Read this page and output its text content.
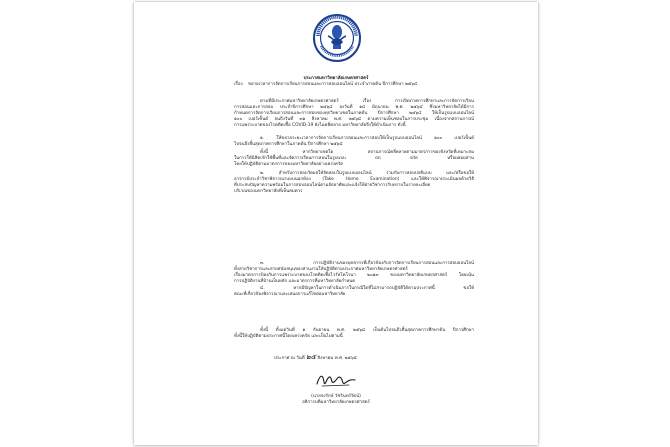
ประกาศมหาวิทยาลัยเกษตรศาสตร์
เรื่อง ขยายเวลาการจัดการเรียนการสอนและการสอบออนไลน์ ประจำภาคต้น ปีการศึกษา ๒๕๖๔
ตามที่มีประกาศมหาวิทยาลัยเกษตรศาสตร์ เรื่อง การเปิดภาคการศึกษาและการจัดการเรียน
การสอนและการสอบ ประจำปีการศึกษา ๒๕๖๔ ลงวันที่ ๑๔ มิถุนายน พ.ศ. ๒๕๖๔ ซึ่งมหาวิทยาลัยได้มีการ
กำหนดการจัดการเรียนการสอนและการสอบของทุกวิทยาเขตในภาคต้น ปีการศึกษา ๒๕๖๔ ให้เป็นรูปแบบออนไลน์
๑๐๐ เปอร์เซ็นต์ จนถึงวันที่ ๓๑ สิงหาคม พ.ศ. ๒๕๖๔ ตามความเห็นชอบในการประชุม เนื่องจากสถานการณ์
การแพร่ระบาดของโรคติดเชื้อ COVID-19 ยังไม่คลี่คลาย มหาวิทยาลัยจึงให้ดำเนินการ ดังนี้
๑. ให้ขยายระยะเวลาการจัดการเรียนการสอนและการสอบให้เป็นรูปแบบออนไลน์ ๑๐๐ เปอร์เซ็นต์
ไปจนถึงสิ้นสุดภาคการศึกษาในภาคต้น ปีการศึกษา ๒๕๖๔
ทั้งนี้ หากวิทยาเขตใด สถานการณ์คลี่คลายตามมาตรการของจังหวัดที่เหมาะสม
ในการให้นิสิตเข้าใช้พื้นที่และจัดการเรียนการสอนในรูปแบบ on site หรือผสมผสาน
โดยให้ปฏิบัติตามมาตรการของมหาวิทยาลัยอย่างเคร่งครัด
๒. สำหรับการสอบวัดผลให้จัดสอบในรูปแบบออนไลน์ ร่วมกับการสอบปกติแบบ และ/หรือขอให้
อาจารย์ประจำวิชาพิจารณาแบบนอกห้อง (Take Home Examination) และให้พิจารณาประเมินผลด้วยวิธี
ที่ประสบปัญหาความพร้อมในการสอบออนไลน์ตามอัธยาศัยและแจ้งให้ฝ่ายวิชาการรับทราบในรายละเอียด
บริเวณของมหาวิทยาลัยที่เห็นสมควร
๓. การปฏิบัติงานของบุคลากรที่เกี่ยวข้องกับการจัดการเรียนการสอนและการสอบออนไลน์
ทั้งสายวิชาการและสายสนับสนุนของส่วนงานให้ปฏิบัติตามประกาศมหาวิทยาลัยเกษตรศาสตร์
เรื่องมาตรการป้องกันการแพร่ระบาดของโรคติดเชื้อไวรัสโคโรนา ๒๐๑๙ ของมหาวิทยาลัยเกษตรศาสตร์ โดยเน้น
การปฏิบัติงานที่บ้านเป็นหลัก และมาตรการที่มหาวิทยาลัยกำหนด
๔. หากมีปัญหาในการดำเนินการในกรณีใดที่ไม่สามารถปฏิบัติได้ตามประกาศนี้ ขอให้
คณะที่เกี่ยวข้องพิจารณาและเสนอการแก้ไขต่อมหาวิทยาลัย
ทั้งนี้ ตั้งแต่วันที่ ๑ กันยายน พ.ศ. ๒๕๖๔ เป็นต้นไปจนถึงสิ้นสุดภาคการศึกษาต้น ปีการศึกษา
ทั้งนี้ให้ปฏิบัติตามประกาศนี้โดยเคร่งครัด และเป็นไปตามนี้
ประกาศ ณ วันที่ ๒๕ สิงหาคม พ.ศ. ๒๕๖๔
(นายจงรักษ์ วัชรินทร์รัตน์)
อธิการบดีมหาวิทยาลัยเกษตรศาสตร์
